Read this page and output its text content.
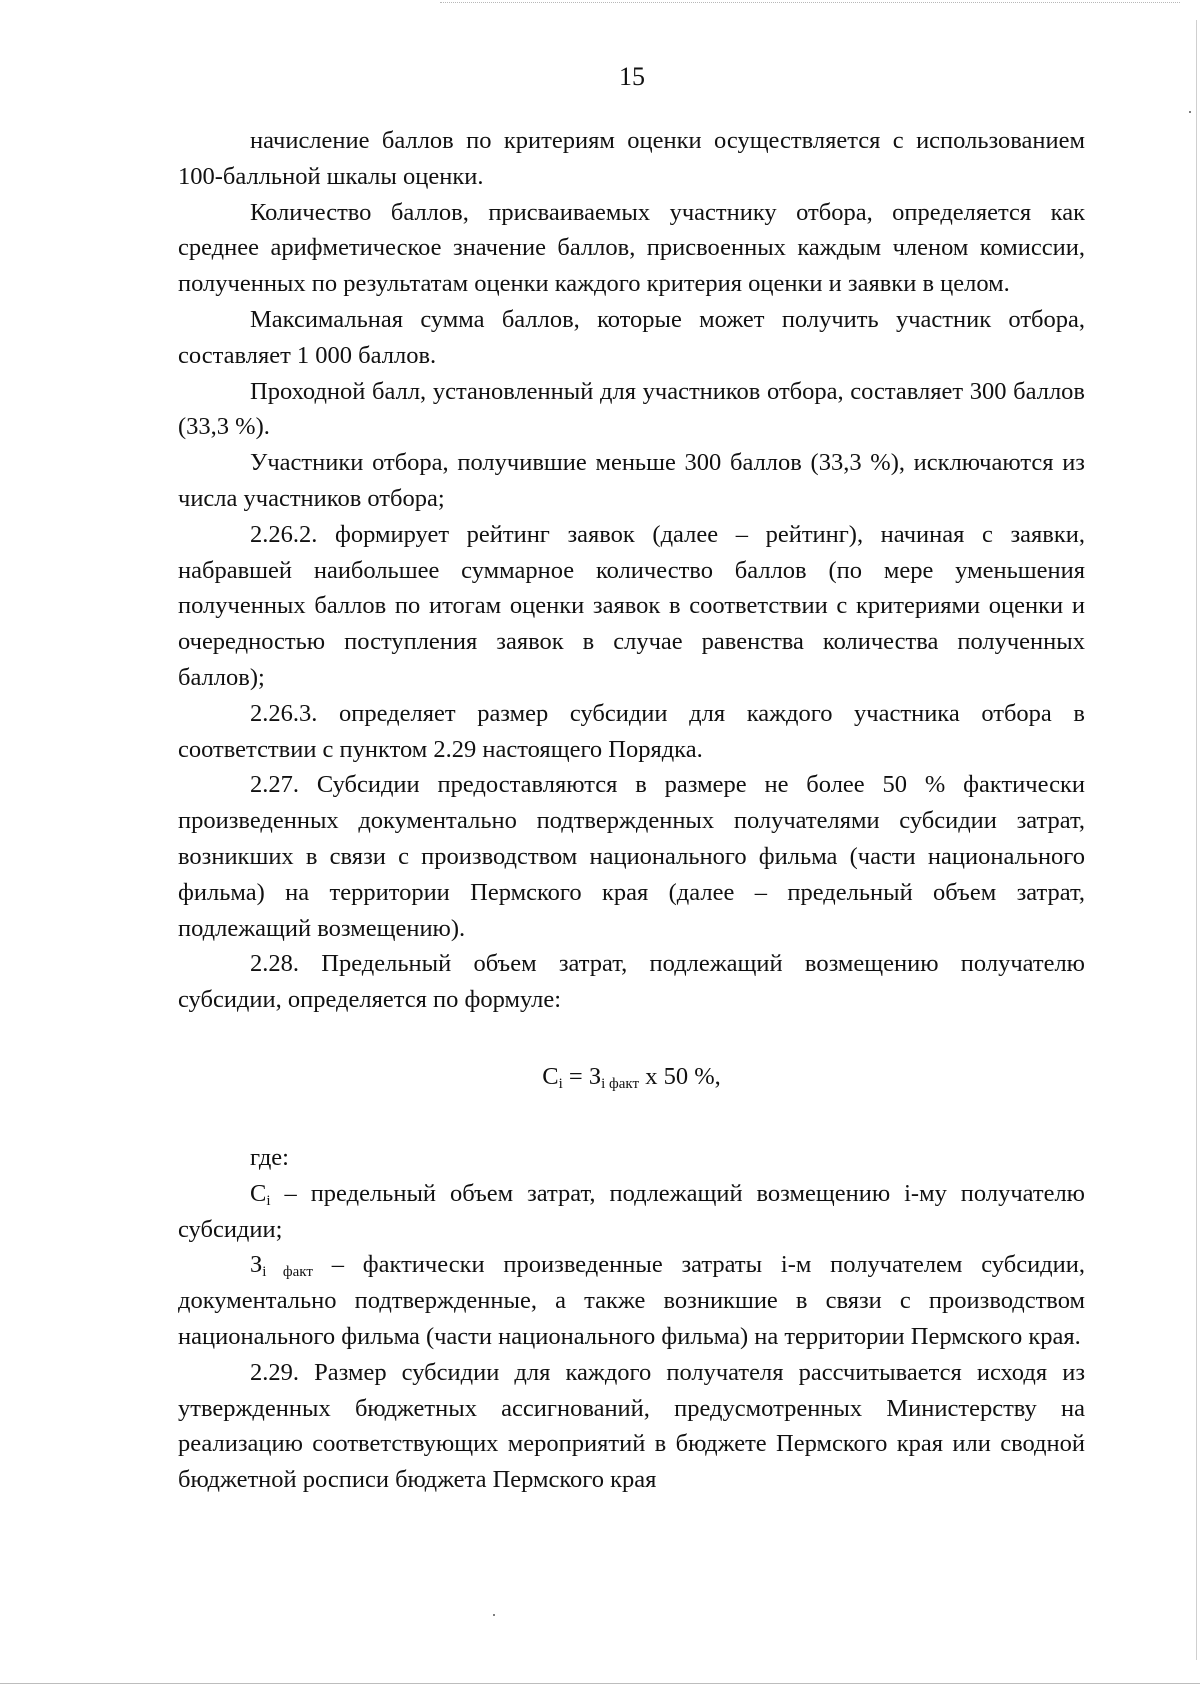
15

начисление баллов по критериям оценки осуществляется с использованием 100-балльной шкалы оценки.

Количество баллов, присваиваемых участнику отбора, определяется как среднее арифметическое значение баллов, присвоенных каждым членом комиссии, полученных по результатам оценки каждого критерия оценки и заявки в целом.

Максимальная сумма баллов, которые может получить участник отбора, составляет 1 000 баллов.

Проходной балл, установленный для участников отбора, составляет 300 баллов (33,3 %).

Участники отбора, получившие меньше 300 баллов (33,3 %), исключаются из числа участников отбора;

2.26.2. формирует рейтинг заявок (далее – рейтинг), начиная с заявки, набравшей наибольшее суммарное количество баллов (по мере уменьшения полученных баллов по итогам оценки заявок в соответствии с критериями оценки и очередностью поступления заявок в случае равенства количества полученных баллов);

2.26.3. определяет размер субсидии для каждого участника отбора в соответствии с пунктом 2.29 настоящего Порядка.

2.27. Субсидии предоставляются в размере не более 50 % фактически произведенных документально подтвержденных получателями субсидии затрат, возникших в связи с производством национального фильма (части национального фильма) на территории Пермского края (далее – предельный объем затрат, подлежащий возмещению).

2.28. Предельный объем затрат, подлежащий возмещению получателю субсидии, определяется по формуле:

$С_i = З_{i факт}$ x 50 %,

где:

$С_i$ – предельный объем затрат, подлежащий возмещению i-му получателю субсидии;

$З_{i факт}$ – фактически произведенные затраты i-м получателем субсидии, документально подтвержденные, а также возникшие в связи с производством национального фильма (части национального фильма) на территории Пермского края.

2.29. Размер субсидии для каждого получателя рассчитывается исходя из утвержденных бюджетных ассигнований, предусмотренных Министерству на реализацию соответствующих мероприятий в бюджете Пермского края или сводной бюджетной росписи бюджета Пермского края
